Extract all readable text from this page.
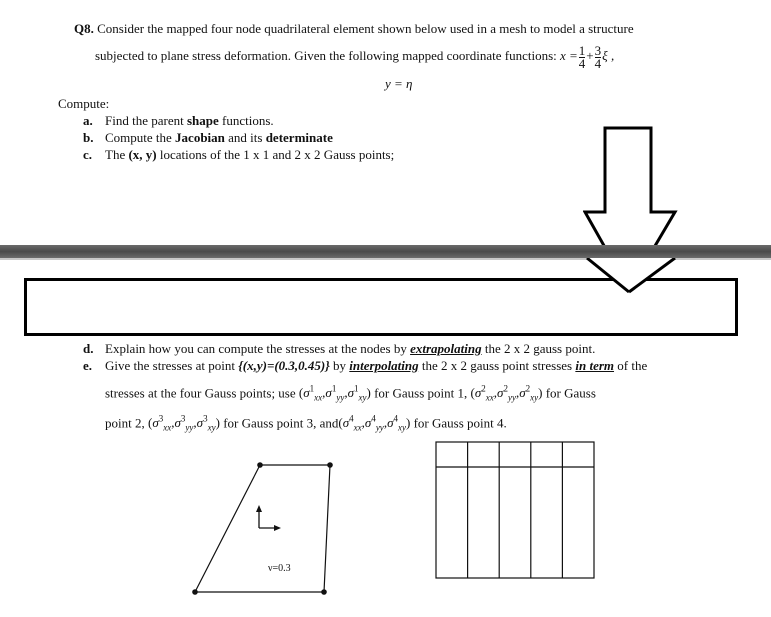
Q8. Consider the mapped four node quadrilateral element shown below used in a mesh to model a structure
subjected to plane stress deformation. Given the following mapped coordinate functions: $x = \frac{1}{4} + \frac{3}{4}$ ξ ,
y = η
Compute:
a. Find the parent shape functions.
b. Compute the Jacobian and its determinate
c. The (x, y) locations of the 1 x 1 and 2 x 2 Gauss points;
d. Explain how you can compute the stresses at the nodes by extrapolating the 2 x 2 gauss point.
e. Give the stresses at point {(x,y)=(0.3,0.45)} by interpolating the 2 x 2 gauss point stresses in term of the
stresses at the four Gauss points; use $(\sigma^1_{xx},\sigma^1_{yy},\sigma^1_{xy})$ for Gauss point 1, $(\sigma^2_{xx},\sigma^2_{yy},\sigma^2_{xy})$ for Gauss
point 2, $(\sigma^3_{xx},\sigma^3_{yy},\sigma^3_{xy})$ for Gauss point 3, $and(\sigma^4_{xx},\sigma^4_{yy},\sigma^4_{xy})$ for Gauss point 4.
ν=0.3
